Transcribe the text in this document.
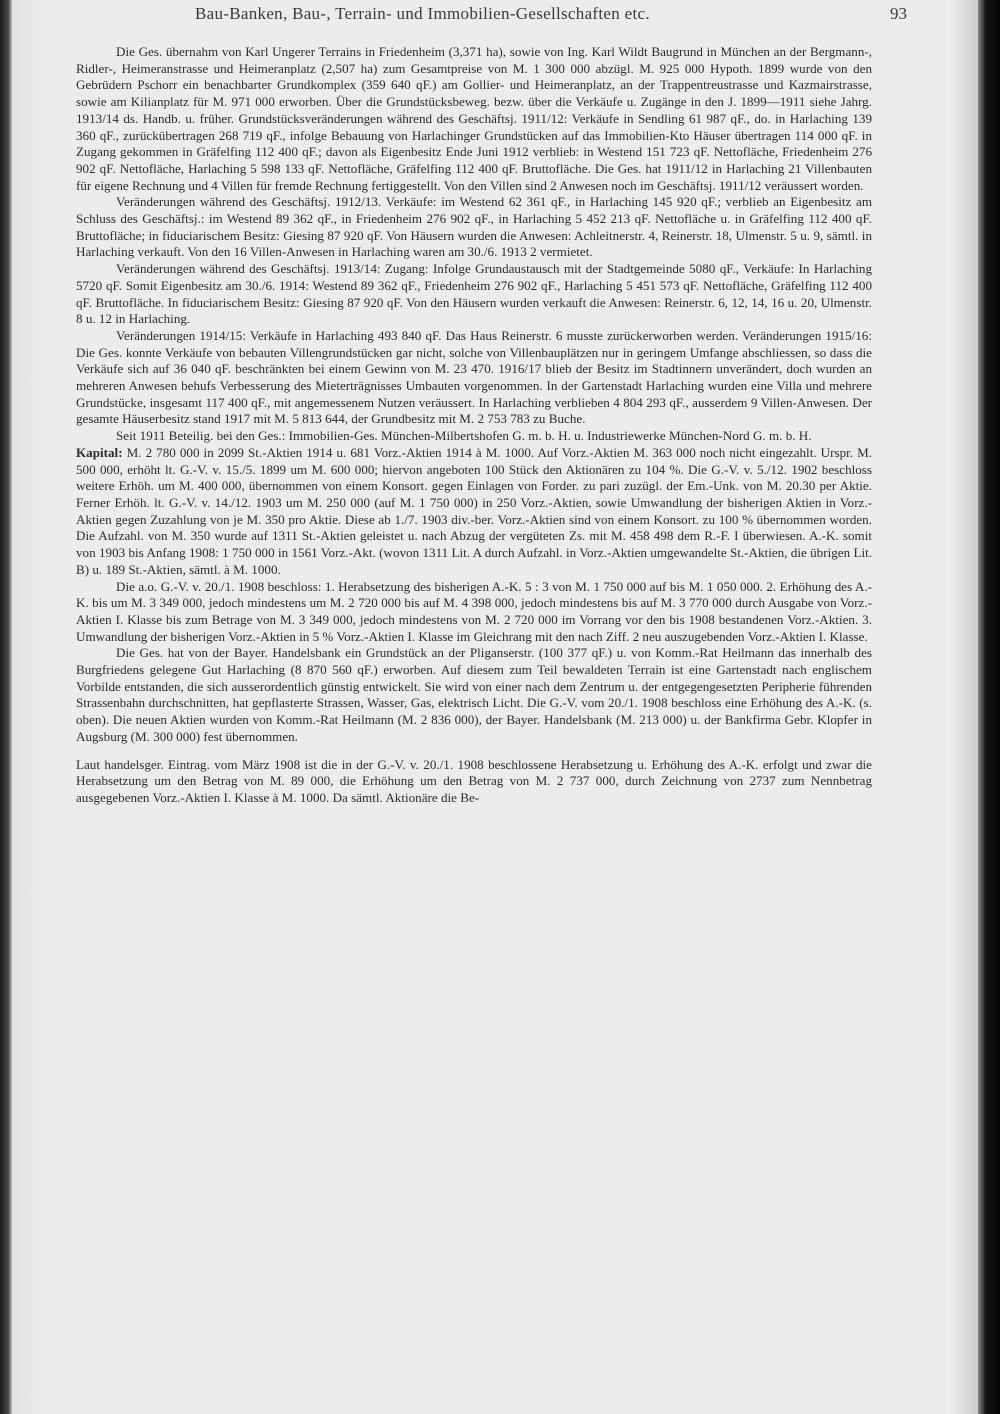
Bau-Banken, Bau-, Terrain- und Immobilien-Gesellschaften etc.	93

Die Ges. übernahm von Karl Ungerer Terrains in Friedenheim (3,371 ha), sowie von Ing. Karl Wildt Baugrund in München an der Bergmann-, Ridler-, Heimeranstrasse und Heimeranplatz (2,507 ha) zum Gesamtpreise von M. 1 300 000 abzügl. M. 925 000 Hypoth. 1899 wurde von den Gebrüdern Pschorr ein benachbarter Grundkomplex (359 640 qF.) am Gollier- und Heimeranplatz, an der Trappentreustrasse und Kazmairstrasse, sowie am Kilianplatz für M. 971 000 erworben. Über die Grundstücksbeweg. bezw. über die Verkäufe u. Zugänge in den J. 1899—1911 siehe Jahrg. 1913/14 ds. Handb. u. früher. Grundstücksveränderungen während des Geschäftsj. 1911/12: Verkäufe in Sendling 61 987 qF., do. in Harlaching 139 360 qF., zurückübertragen 268 719 qF., infolge Bebauung von Harlachinger Grundstücken auf das Immobilien-Kto Häuser übertragen 114 000 qF. in Zugang gekommen in Gräfelfing 112 400 qF.; davon als Eigenbesitz Ende Juni 1912 verblieb: in Westend 151 723 qF. Nettofläche, Friedenheim 276 902 qF. Nettofläche, Harlaching 5 598 133 qF. Nettofläche, Gräfelfing 112 400 qF. Bruttofläche. Die Ges. hat 1911/12 in Harlaching 21 Villenbauten für eigene Rechnung und 4 Villen für fremde Rechnung fertiggestellt. Von den Villen sind 2 Anwesen noch im Geschäftsj. 1911/12 veräussert worden.

Veränderungen während des Geschäftsj. 1912/13. Verkäufe: im Westend 62 361 qF., in Harlaching 145 920 qF.; verblieb an Eigenbesitz am Schluss des Geschäftsj.: im Westend 89 362 qF., in Friedenheim 276 902 qF., in Harlaching 5 452 213 qF. Nettofläche u. in Gräfelfing 112 400 qF. Bruttofläche; in fiduciarischem Besitz: Giesing 87 920 qF. Von Häusern wurden die Anwesen: Achleitnerstr. 4, Reinerstr. 18, Ulmenstr. 5 u. 9, sämtl. in Harlaching verkauft. Von den 16 Villen-Anwesen in Harlaching waren am 30./6. 1913 2 vermietet.

Veränderungen während des Geschäftsj. 1913/14: Zugang: Infolge Grundaustausch mit der Stadtgemeinde 5080 qF., Verkäufe: In Harlaching 5720 qF. Somit Eigenbesitz am 30./6. 1914: Westend 89 362 qF., Friedenheim 276 902 qF., Harlaching 5 451 573 qF. Nettofläche, Gräfelfing 112 400 qF. Bruttofläche. In fiduciarischem Besitz: Giesing 87 920 qF. Von den Häusern wurden verkauft die Anwesen: Reinerstr. 6, 12, 14, 16 u. 20, Ulmenstr. 8 u. 12 in Harlaching.

Veränderungen 1914/15: Verkäufe in Harlaching 493 840 qF. Das Haus Reinerstr. 6 musste zurückerworben werden. Veränderungen 1915/16: Die Ges. konnte Verkäufe von bebauten Villengrundstücken gar nicht, solche von Villenbauplätzen nur in geringem Umfange abschliessen, so dass die Verkäufe sich auf 36 040 qF. beschränkten bei einem Gewinn von M. 23 470. 1916/17 blieb der Besitz im Stadtinnern unverändert, doch wurden an mehreren Anwesen behufs Verbesserung des Mieterträgnisses Umbauten vorgenommen. In der Gartenstadt Harlaching wurden eine Villa und mehrere Grundstücke, insgesamt 117 400 qF., mit angemessenem Nutzen veräussert. In Harlaching verblieben 4 804 293 qF., ausserdem 9 Villen-Anwesen. Der gesamte Häuserbesitz stand 1917 mit M. 5 813 644, der Grundbesitz mit M. 2 753 783 zu Buche.

Seit 1911 Beteilig. bei den Ges.: Immobilien-Ges. München-Milbertshofen G. m. b. H. u. Industriewerke München-Nord G. m. b. H.

Kapital: M. 2 780 000 in 2099 St.-Aktien 1914 u. 681 Vorz.-Aktien 1914 à M. 1000. Auf Vorz.-Aktien M. 363 000 noch nicht eingezahlt. Urspr. M. 500 000, erhöht lt. G.-V. v. 15./5. 1899 um M. 600 000; hiervon angeboten 100 Stück den Aktionären zu 104 %. Die G.-V. v. 5./12. 1902 beschloss weitere Erhöh. um M. 400 000, übernommen von einem Konsort. gegen Einlagen von Forder. zu pari zuzügl. der Em.-Unk. von M. 20.30 per Aktie. Ferner Erhöh. lt. G.-V. v. 14./12. 1903 um M. 250 000 (auf M. 1 750 000) in 250 Vorz.-Aktien, sowie Umwandlung der bisherigen Aktien in Vorz.-Aktien gegen Zuzahlung von je M. 350 pro Aktie. Diese ab 1./7. 1903 div.-ber. Vorz.-Aktien sind von einem Konsort. zu 100 % übernommen worden. Die Aufzahl. von M. 350 wurde auf 1311 St.-Aktien geleistet u. nach Abzug der vergüteten Zs. mit M. 458 498 dem R.-F. I überwiesen. A.-K. somit von 1903 bis Anfang 1908: 1 750 000 in 1561 Vorz.-Akt. (wovon 1311 Lit. A durch Aufzahl. in Vorz.-Aktien umgewandelte St.-Aktien, die übrigen Lit. B) u. 189 St.-Aktien, sämtl. à M. 1000.

Die a.o. G.-V. v. 20./1. 1908 beschloss: 1. Herabsetzung des bisherigen A.-K. 5 : 3 von M. 1 750 000 auf bis M. 1 050 000. 2. Erhöhung des A.-K. bis um M. 3 349 000, jedoch mindestens um M. 2 720 000 bis auf M. 4 398 000, jedoch mindestens bis auf M. 3 770 000 durch Ausgabe von Vorz.-Aktien I. Klasse bis zum Betrage von M. 3 349 000, jedoch mindestens von M. 2 720 000 im Vorrang vor den bis 1908 bestandenen Vorz.-Aktien. 3. Umwandlung der bisherigen Vorz.-Aktien in 5 % Vorz.-Aktien I. Klasse im Gleichrang mit den nach Ziff. 2 neu auszugebenden Vorz.-Aktien I. Klasse.

Die Ges. hat von der Bayer. Handelsbank ein Grundstück an der Pliganserstr. (100 377 qF.) u. von Komm.-Rat Heilmann das innerhalb des Burgfriedens gelegene Gut Harlaching (8 870 560 qF.) erworben. Auf diesem zum Teil bewaldeten Terrain ist eine Gartenstadt nach englischem Vorbilde entstanden, die sich ausserordentlich günstig entwickelt. Sie wird von einer nach dem Zentrum u. der entgegengesetzten Peripherie führenden Strassenbahn durchschnitten, hat gepflasterte Strassen, Wasser, Gas, elektrisch Licht. Die G.-V. vom 20./1. 1908 beschloss eine Erhöhung des A.-K. (s. oben). Die neuen Aktien wurden von Komm.-Rat Heilmann (M. 2 836 000), der Bayer. Handelsbank (M. 213 000) u. der Bankfirma Gebr. Klopfer in Augsburg (M. 300 000) fest übernommen.

Laut handelsger. Eintrag. vom März 1908 ist die in der G.-V. v. 20./1. 1908 beschlossene Herabsetzung u. Erhöhung des A.-K. erfolgt und zwar die Herabsetzung um den Betrag von M. 89 000, die Erhöhung um den Betrag von M. 2 737 000, durch Zeichnung von 2737 zum Nennbetrag ausgegebenen Vorz.-Aktien I. Klasse à M. 1000. Da sämtl. Aktionäre die Be-
